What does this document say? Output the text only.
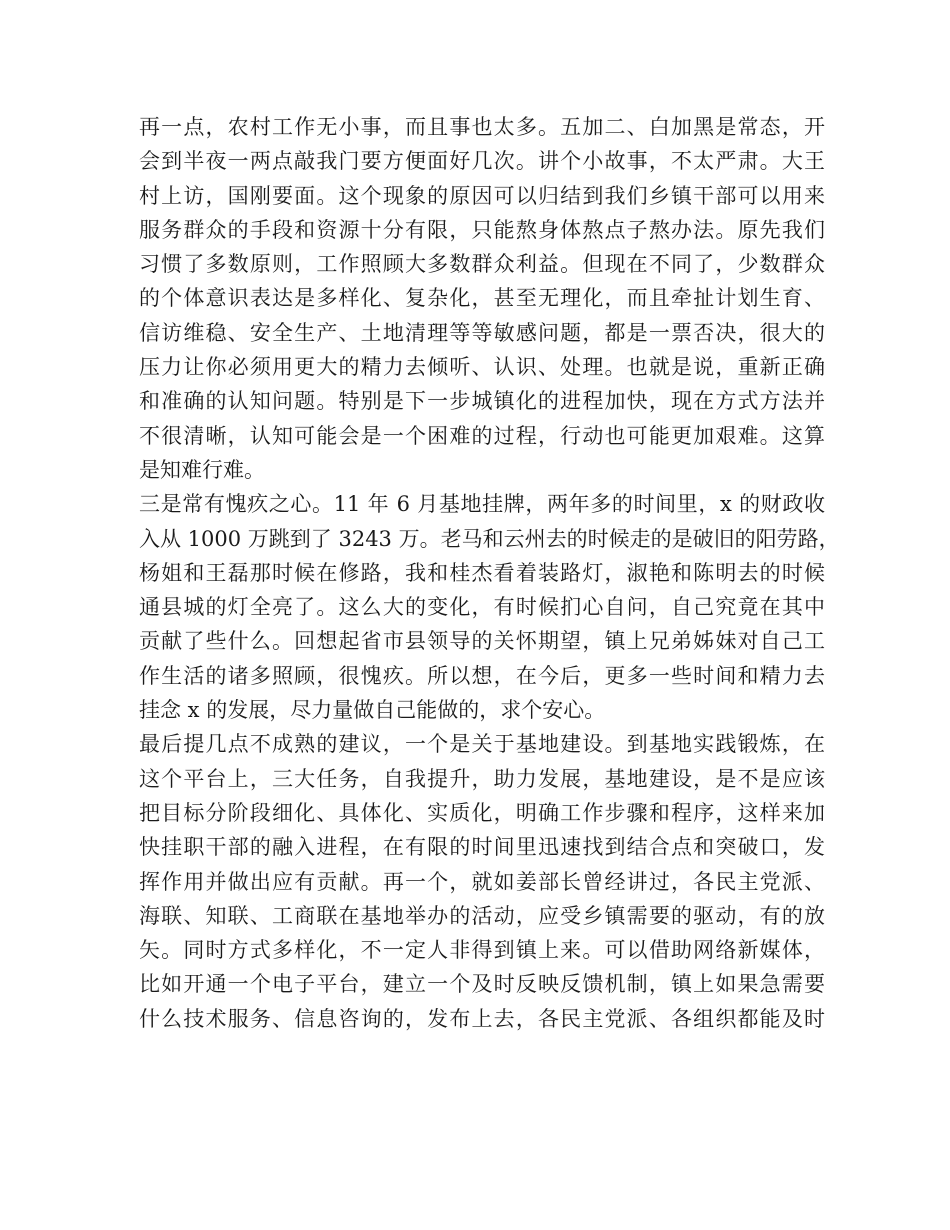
再一点，农村工作无小事，而且事也太多。五加二、白加黑是常态，开
会到半夜一两点敲我门要方便面好几次。讲个小故事，不太严肃。大王
村上访，国刚要面。这个现象的原因可以归结到我们乡镇干部可以用来
服务群众的手段和资源十分有限，只能熬身体熬点子熬办法。原先我们
习惯了多数原则，工作照顾大多数群众利益。但现在不同了，少数群众
的个体意识表达是多样化、复杂化，甚至无理化，而且牵扯计划生育、
信访维稳、安全生产、土地清理等等敏感问题，都是一票否决，很大的
压力让你必须用更大的精力去倾听、认识、处理。也就是说，重新正确
和准确的认知问题。特别是下一步城镇化的进程加快，现在方式方法并
不很清晰，认知可能会是一个困难的过程，行动也可能更加艰难。这算
是知难行难。
三是常有愧疚之心。11 年 6 月基地挂牌，两年多的时间里，x 的财政收
入从 1000 万跳到了 3243 万。老马和云州去的时候走的是破旧的阳劳路，
杨姐和王磊那时候在修路，我和桂杰看着装路灯，淑艳和陈明去的时候
通县城的灯全亮了。这么大的变化，有时候扪心自问，自己究竟在其中
贡献了些什么。回想起省市县领导的关怀期望，镇上兄弟姊妹对自己工
作生活的诸多照顾，很愧疚。所以想，在今后，更多一些时间和精力去
挂念 x 的发展，尽力量做自己能做的，求个安心。
最后提几点不成熟的建议，一个是关于基地建设。到基地实践锻炼，在
这个平台上，三大任务，自我提升，助力发展，基地建设，是不是应该
把目标分阶段细化、具体化、实质化，明确工作步骤和程序，这样来加
快挂职干部的融入进程，在有限的时间里迅速找到结合点和突破口，发
挥作用并做出应有贡献。再一个，就如姜部长曾经讲过，各民主党派、
海联、知联、工商联在基地举办的活动，应受乡镇需要的驱动，有的放
矢。同时方式多样化，不一定人非得到镇上来。可以借助网络新媒体，
比如开通一个电子平台，建立一个及时反映反馈机制，镇上如果急需要
什么技术服务、信息咨询的，发布上去，各民主党派、各组织都能及时
